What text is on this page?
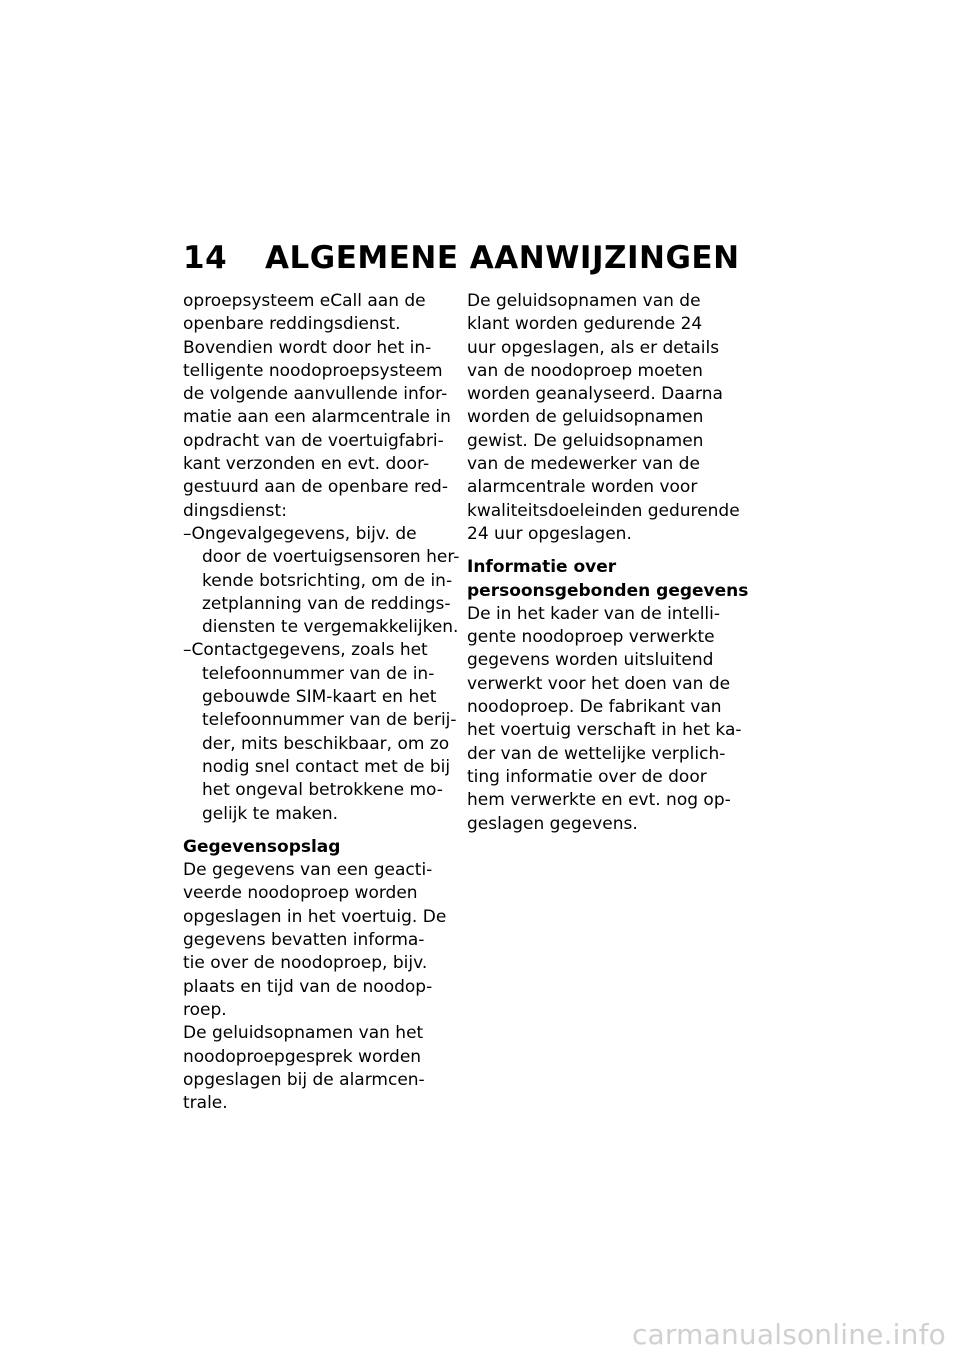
14 ALGEMENE AANWIJZINGEN
oproepsysteem eCall aan de
openbare reddingsdienst.
Bovendien wordt door het in-
telligente noodoproepsysteem
de volgende aanvullende infor-
matie aan een alarmcentrale in
opdracht van de voertuigfabri-
kant verzonden en evt. door-
gestuurd aan de openbare red-
dingsdienst:
–Ongevalgegevens, bijv. de
door de voertuigsensoren her-
kende botsrichting, om de in-
zetplanning van de reddings-
diensten te vergemakkelijken.
–Contactgegevens, zoals het
telefoonnummer van de in-
gebouwde SIM-kaart en het
telefoonnummer van de berij-
der, mits beschikbaar, om zo
nodig snel contact met de bij
het ongeval betrokkene mo-
gelijk te maken.
Gegevensopslag
De gegevens van een geacti-
veerde noodoproep worden
opgeslagen in het voertuig. De
gegevens bevatten informa-
tie over de noodoproep, bijv.
plaats en tijd van de noodop-
roep.
De geluidsopnamen van het
noodoproepgesprek worden
opgeslagen bij de alarmcen-
trale.
De geluidsopnamen van de
klant worden gedurende 24
uur opgeslagen, als er details
van de noodoproep moeten
worden geanalyseerd. Daarna
worden de geluidsopnamen
gewist. De geluidsopnamen
van de medewerker van de
alarmcentrale worden voor
kwaliteitsdoeleinden gedurende
24 uur opgeslagen.
Informatie over
persoonsgebonden gegevens
De in het kader van de intelli-
gente noodoproep verwerkte
gegevens worden uitsluitend
verwerkt voor het doen van de
noodoproep. De fabrikant van
het voertuig verschaft in het ka-
der van de wettelijke verplich-
ting informatie over de door
hem verwerkte en evt. nog op-
geslagen gegevens.
carmanualsonline.info
